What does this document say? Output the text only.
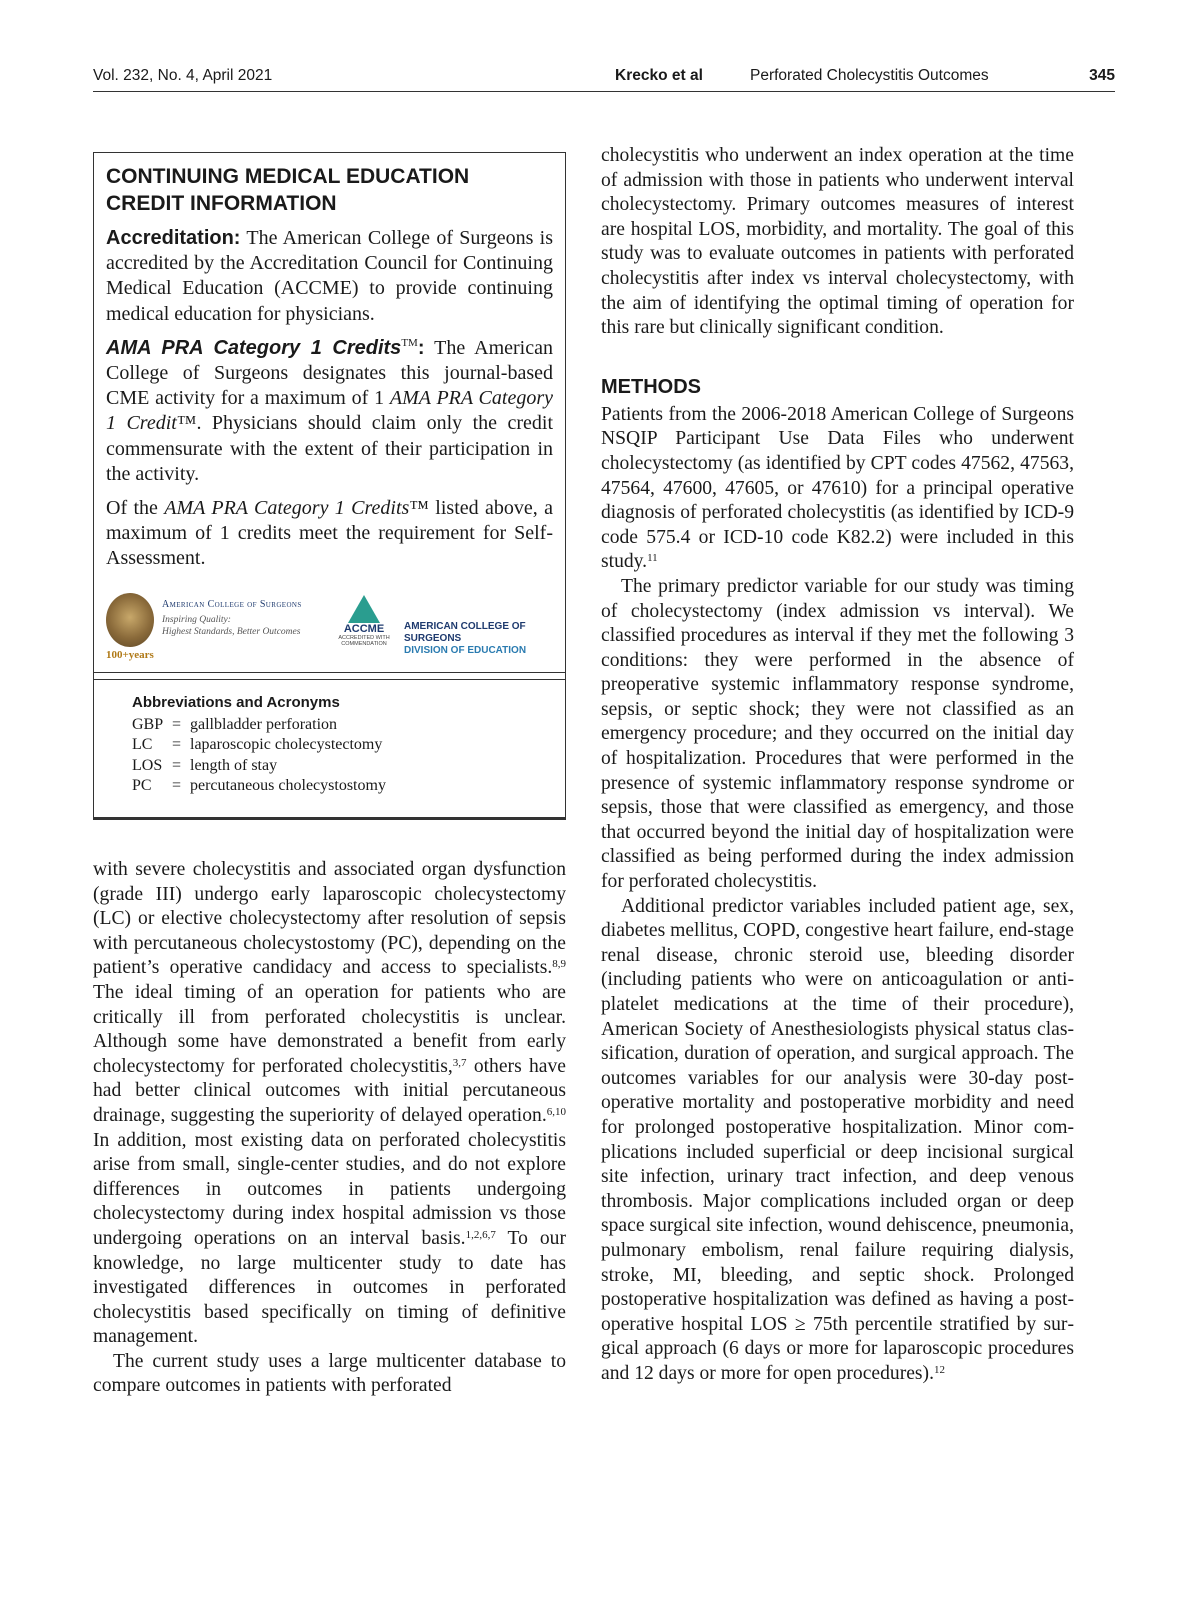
Vol. 232, No. 4, April 2021	Krecko et al	Perforated Cholecystitis Outcomes	345
CONTINUING MEDICAL EDUCATION
CREDIT INFORMATION

Accreditation: The American College of Surgeons is accredited by the Accreditation Council for Continuing Medical Education (ACCME) to provide continuing medical education for physicians.

AMA PRA Category 1 Credits™: The American College of Surgeons designates this journal-based CME activity for a maximum of 1 AMA PRA Category 1 Credit™. Physicians should claim only the credit commensurate with the extent of their participation in the activity.

Of the AMA PRA Category 1 Credits™ listed above, a maximum of 1 credits meet the requirement for Self-Assessment.

100+years
American College of Surgeons
Inspiring Quality:
Highest Standards, Better Outcomes	ACCME
ACCREDITED WITH
COMMENDATION
AMERICAN COLLEGE OF SURGEONS
DIVISION OF EDUCATION
Abbreviations and Acronyms
GBP = gallbladder perforation
LC	= laparoscopic cholecystectomy
LOS = length of stay
PC	= percutaneous cholecystostomy

with severe cholecystitis and associated organ dysfunction (grade III) undergo early laparoscopic cholecystectomy (LC) or elective cholecystectomy after resolution of sepsis with percutaneous cholecystostomy (PC), depending on the patient’s operative candidacy and access to specialists.$^{8,9}$ The ideal timing of an operation for patients who are critically ill from perforated cholecystitis is unclear. Although some have demonstrated a benefit from early cholecystectomy for perforated cholecystitis,$^{3,7}$ others have had better clinical outcomes with initial percutaneous drainage, suggesting the superiority of delayed operation.$^{6,10}$ In addition, most existing data on perforated cholecystitis arise from small, single-center studies, and do not explore differences in outcomes in patients undergoing cholecystectomy during index hospital admission vs those undergoing operations on an interval basis.$^{1,2,6,7}$ To our knowledge, no large multicenter study to date has investigated differences in outcomes in perforated cholecystitis based specifically on timing of definitive management.

The current study uses a large multicenter database to compare outcomes in patients with perforated

cholecystitis who underwent an index operation at the time of admission with those in patients who underwent interval cholecystectomy. Primary outcomes measures of interest are hospital LOS, morbidity, and mortality. The goal of this study was to evaluate outcomes in patients with perforated cholecystitis after index vs interval cholecystectomy, with the aim of identifying the optimal timing of operation for this rare but clinically significant condition.

METHODS

Patients from the 2006-2018 American College of Surgeons NSQIP Participant Use Data Files who underwent cholecystectomy (as identified by CPT codes 47562, 47563, 47564, 47600, 47605, or 47610) for a principal operative diagnosis of perforated cholecystitis (as identified by ICD-9 code 575.4 or ICD-10 code K82.2) were included in this study.$^{11}$

The primary predictor variable for our study was timing of cholecystectomy (index admission vs interval). We classified procedures as interval if they met the following 3 conditions: they were performed in the absence of preoperative systemic inflammatory response syndrome, sepsis, or septic shock; they were not classified as an emergency procedure; and they occurred on the initial day of hospitalization. Procedures that were performed in the presence of systemic inflammatory response syndrome or sepsis, those that were classified as emergency, and those that occurred beyond the initial day of hospitalization were classified as being performed during the index admission for perforated cholecystitis.

Additional predictor variables included patient age, sex, diabetes mellitus, COPD, congestive heart failure, end-stage renal disease, chronic steroid use, bleeding disorder (including patients who were on anticoagulation or antiplatelet medications at the time of their procedure), American Society of Anesthesiologists physical status classification, duration of operation, and surgical approach. The outcomes variables for our analysis were 30-day postoperative mortality and postoperative morbidity and need for prolonged postoperative hospitalization. Minor complications included superficial or deep incisional surgical site infection, urinary tract infection, and deep venous thrombosis. Major complications included organ or deep space surgical site infection, wound dehiscence, pneumonia, pulmonary embolism, renal failure requiring dialysis, stroke, MI, bleeding, and septic shock. Prolonged postoperative hospitalization was defined as having a postoperative hospital LOS ≥ 75th percentile stratified by surgical approach (6 days or more for laparoscopic procedures and 12 days or more for open procedures).$^{12}$
